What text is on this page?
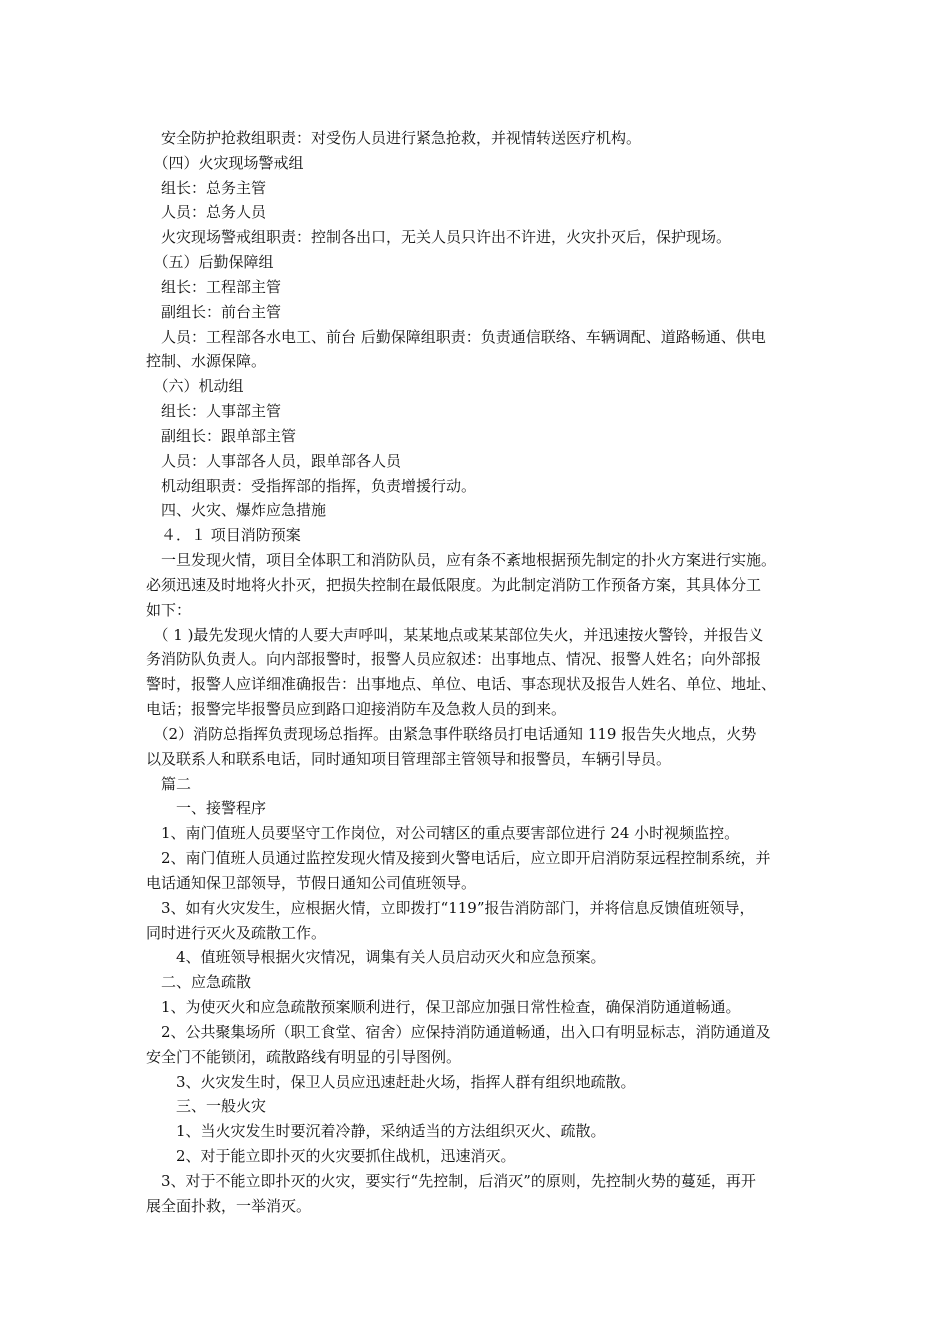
　安全防护抢救组职责：对受伤人员进行紧急抢救，并视情转送医疗机构。
　（四）火灾现场警戒组
　组长：总务主管
　人员：总务人员
　火灾现场警戒组职责：控制各出口，无关人员只许出不许进，火灾扑灭后，保护现场。
　（五）后勤保障组
　组长：工程部主管
　副组长：前台主管
　人员：工程部各水电工、前台 后勤保障组职责：负责通信联络、车辆调配、道路畅通、供电
控制、水源保障。
　（六）机动组
　组长：人事部主管
　副组长：跟单部主管
　人员：人事部各人员，跟单部各人员
　机动组职责：受指挥部的指挥，负责增援行动。
　四、火灾、爆炸应急措施
　４．１ 项目消防预案
　一旦发现火情，项目全体职工和消防队员，应有条不紊地根据预先制定的扑火方案进行实施。
必须迅速及时地将火扑灭，把损失控制在最低限度。为此制定消防工作预备方案，其具体分工
如下：
　（ 1 )最先发现火情的人要大声呼叫，某某地点或某某部位失火，并迅速按火警铃，并报告义
务消防队负责人。向内部报警时，报警人员应叙述：出事地点、情况、报警人姓名；向外部报
警时，报警人应详细准确报告：出事地点、单位、电话、事态现状及报告人姓名、单位、地址、
电话；报警完毕报警员应到路口迎接消防车及急救人员的到来。
　（2）消防总指挥负责现场总指挥。由紧急事件联络员打电话通知 119 报告失火地点，火势
以及联系人和联系电话，同时通知项目管理部主管领导和报警员，车辆引导员。
　篇二
　　一、接警程序
　1、南门值班人员要坚守工作岗位，对公司辖区的重点要害部位进行 24 小时视频监控。
　2、南门值班人员通过监控发现火情及接到火警电话后，应立即开启消防泵远程控制系统，并
电话通知保卫部领导，节假日通知公司值班领导。
　3、如有火灾发生，应根据火情，立即拨打“119”报告消防部门，并将信息反馈值班领导，
同时进行灭火及疏散工作。
　　4、值班领导根据火灾情况，调集有关人员启动灭火和应急预案。
　二、应急疏散
　1、为使灭火和应急疏散预案顺利进行，保卫部应加强日常性检查，确保消防通道畅通。
　2、公共聚集场所（职工食堂、宿舍）应保持消防通道畅通，出入口有明显标志，消防通道及
安全门不能锁闭，疏散路线有明显的引导图例。
　　3、火灾发生时，保卫人员应迅速赶赴火场，指挥人群有组织地疏散。
　　三、一般火灾
　　1、当火灾发生时要沉着冷静，采纳适当的方法组织灭火、疏散。
　　2、对于能立即扑灭的火灾要抓住战机，迅速消灭。
　3、对于不能立即扑灭的火灾，要实行“先控制，后消灭”的原则，先控制火势的蔓延，再开
展全面扑救，一举消灭。
